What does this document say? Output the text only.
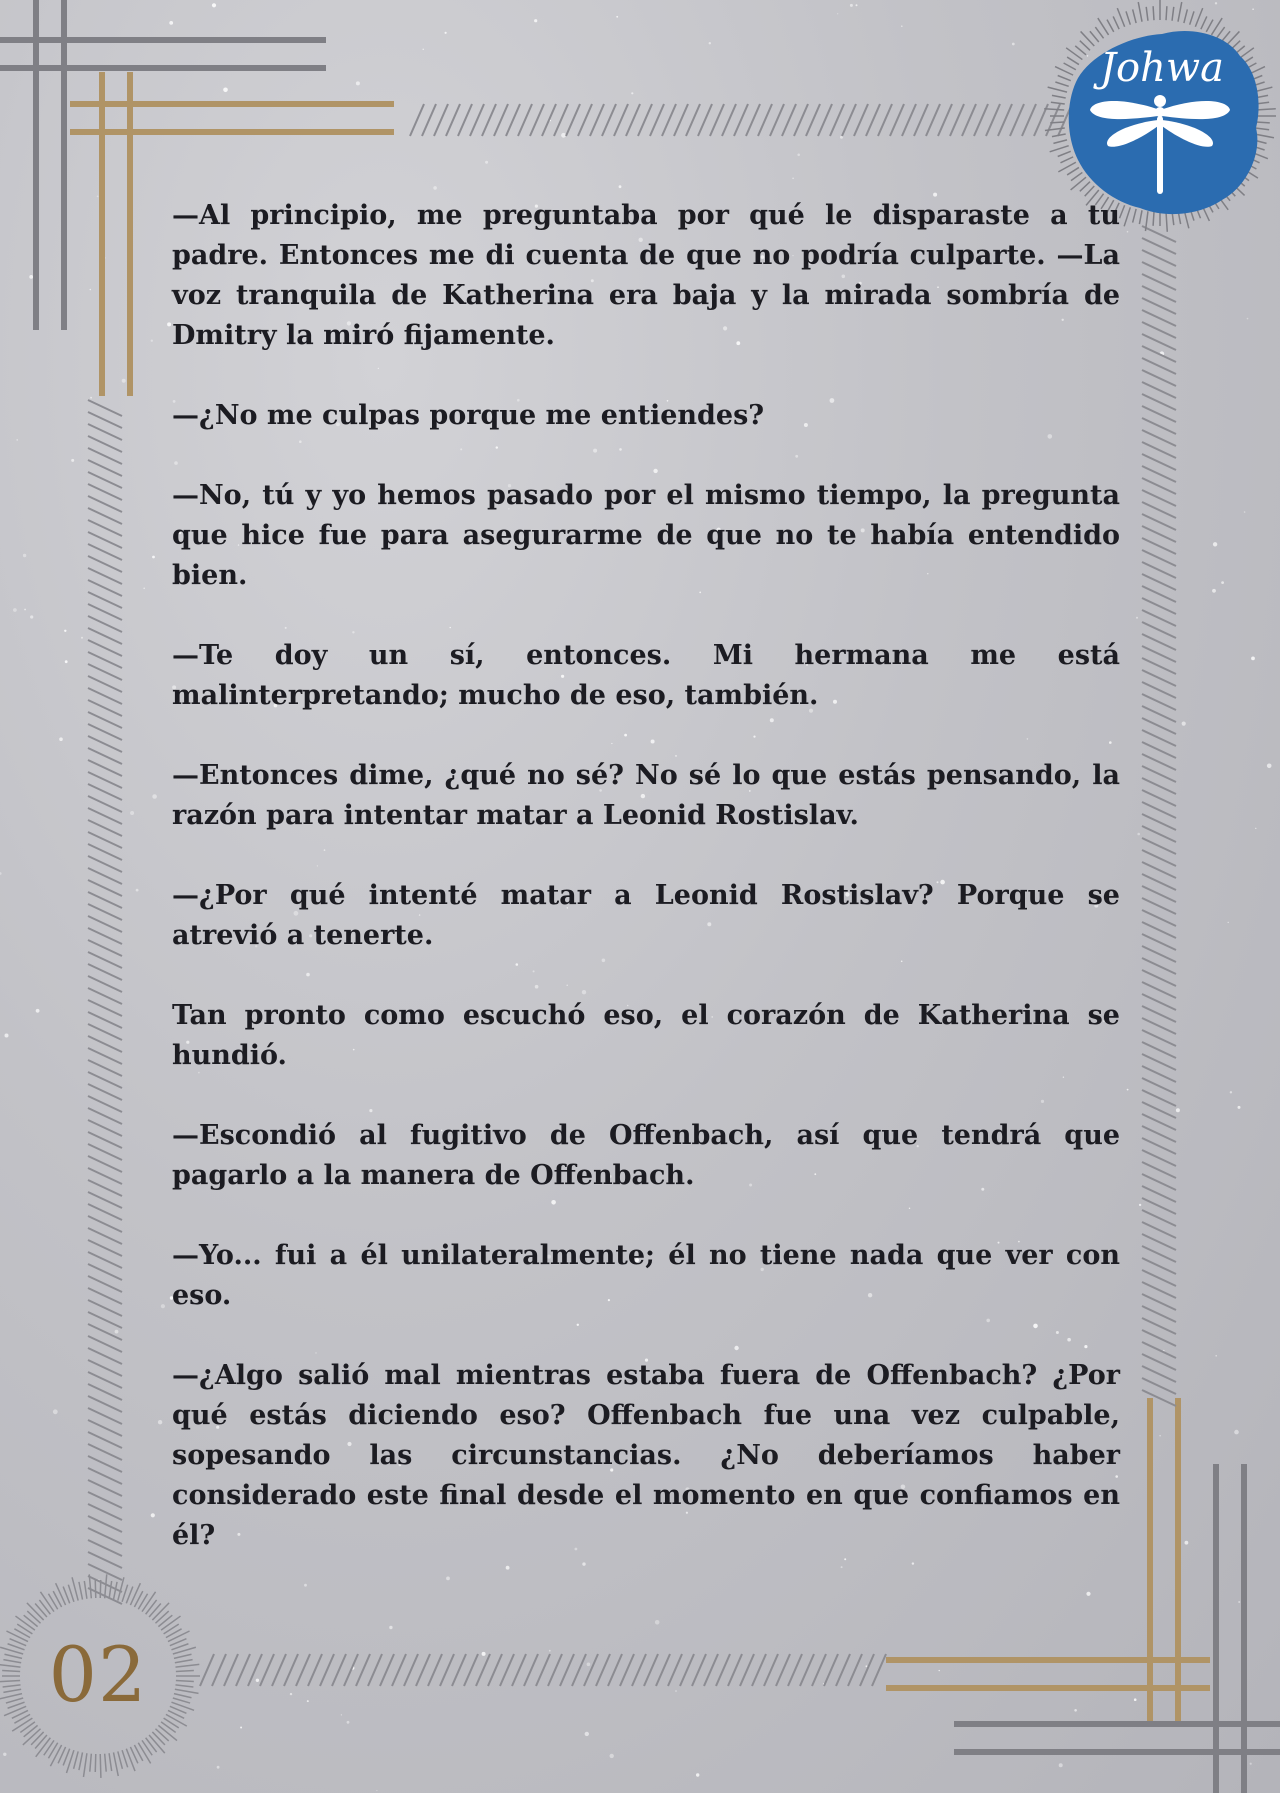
Johwa
02

—Al principio, me preguntaba por qué le disparaste a tu padre. Entonces me di cuenta de que no podría culparte. —La voz tranquila de Katherina era baja y la mirada sombría de Dmitry la miró fijamente.

—¿No me culpas porque me entiendes?

—No, tú y yo hemos pasado por el mismo tiempo, la pregunta que hice fue para asegurarme de que no te había entendido bien.

—Te doy un sí, entonces. Mi hermana me está malinterpretando; mucho de eso, también.

—Entonces dime, ¿qué no sé? No sé lo que estás pensando, la razón para intentar matar a Leonid Rostislav.

—¿Por qué intenté matar a Leonid Rostislav? Porque se atrevió a tenerte.

Tan pronto como escuchó eso, el corazón de Katherina se hundió.

—Escondió al fugitivo de Offenbach, así que tendrá que pagarlo a la manera de Offenbach.

—Yo... fui a él unilateralmente; él no tiene nada que ver con eso.

—¿Algo salió mal mientras estaba fuera de Offenbach? ¿Por qué estás diciendo eso? Offenbach fue una vez culpable, sopesando las circunstancias. ¿No deberíamos haber considerado este final desde el momento en que confiamos en él?
